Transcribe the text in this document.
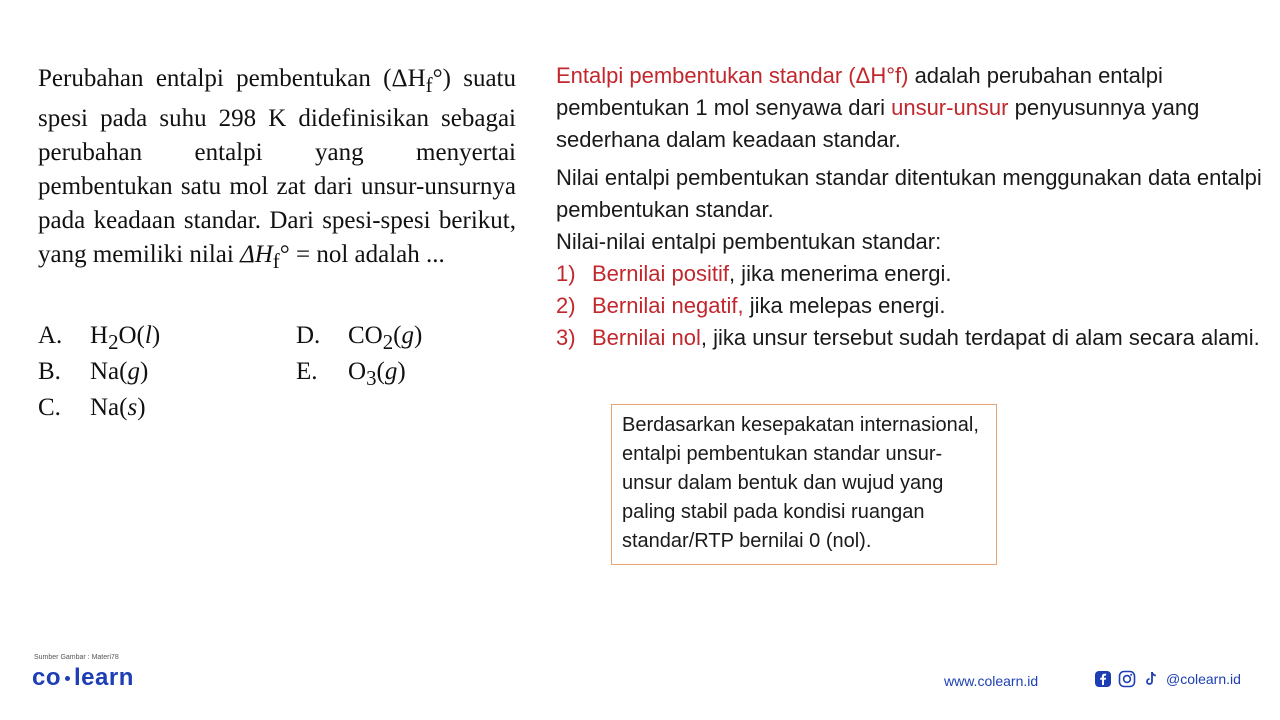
Perubahan entalpi pembentukan $(\Delta H_f^\circ)$ suatu spesi pada suhu 298 K didefinisikan sebagai perubahan entalpi yang menyertai pembentukan satu mol zat dari unsur-unsurnya pada keadaan standar. Dari spesi-spesi berikut, yang memiliki nilai $\Delta H_f^\circ$ = nol adalah ...

A. $H_2O(l)$
B. Na(g)
C. Na(s)
D. $CO_2(g)$
E. $O_3(g)$

Entalpi pembentukan standar (ΔH°f) adalah perubahan entalpi pembentukan 1 mol senyawa dari unsur-unsur penyusunnya yang sederhana dalam keadaan standar.

Nilai entalpi pembentukan standar ditentukan menggunakan data entalpi pembentukan standar.

Nilai-nilai entalpi pembentukan standar:

1) Bernilai positif, jika menerima energi.
2) Bernilai negatif, jika melepas energi.
3) Bernilai nol, jika unsur tersebut sudah terdapat di alam secara alami.
Berdasarkan kesepakatan internasional, entalpi pembentukan standar unsur-unsur dalam bentuk dan wujud yang paling stabil pada kondisi ruangan standar/RTP bernilai 0 (nol).
Sumber Gambar : Materi78
co learn	www.colearn.id	@colearn.id
